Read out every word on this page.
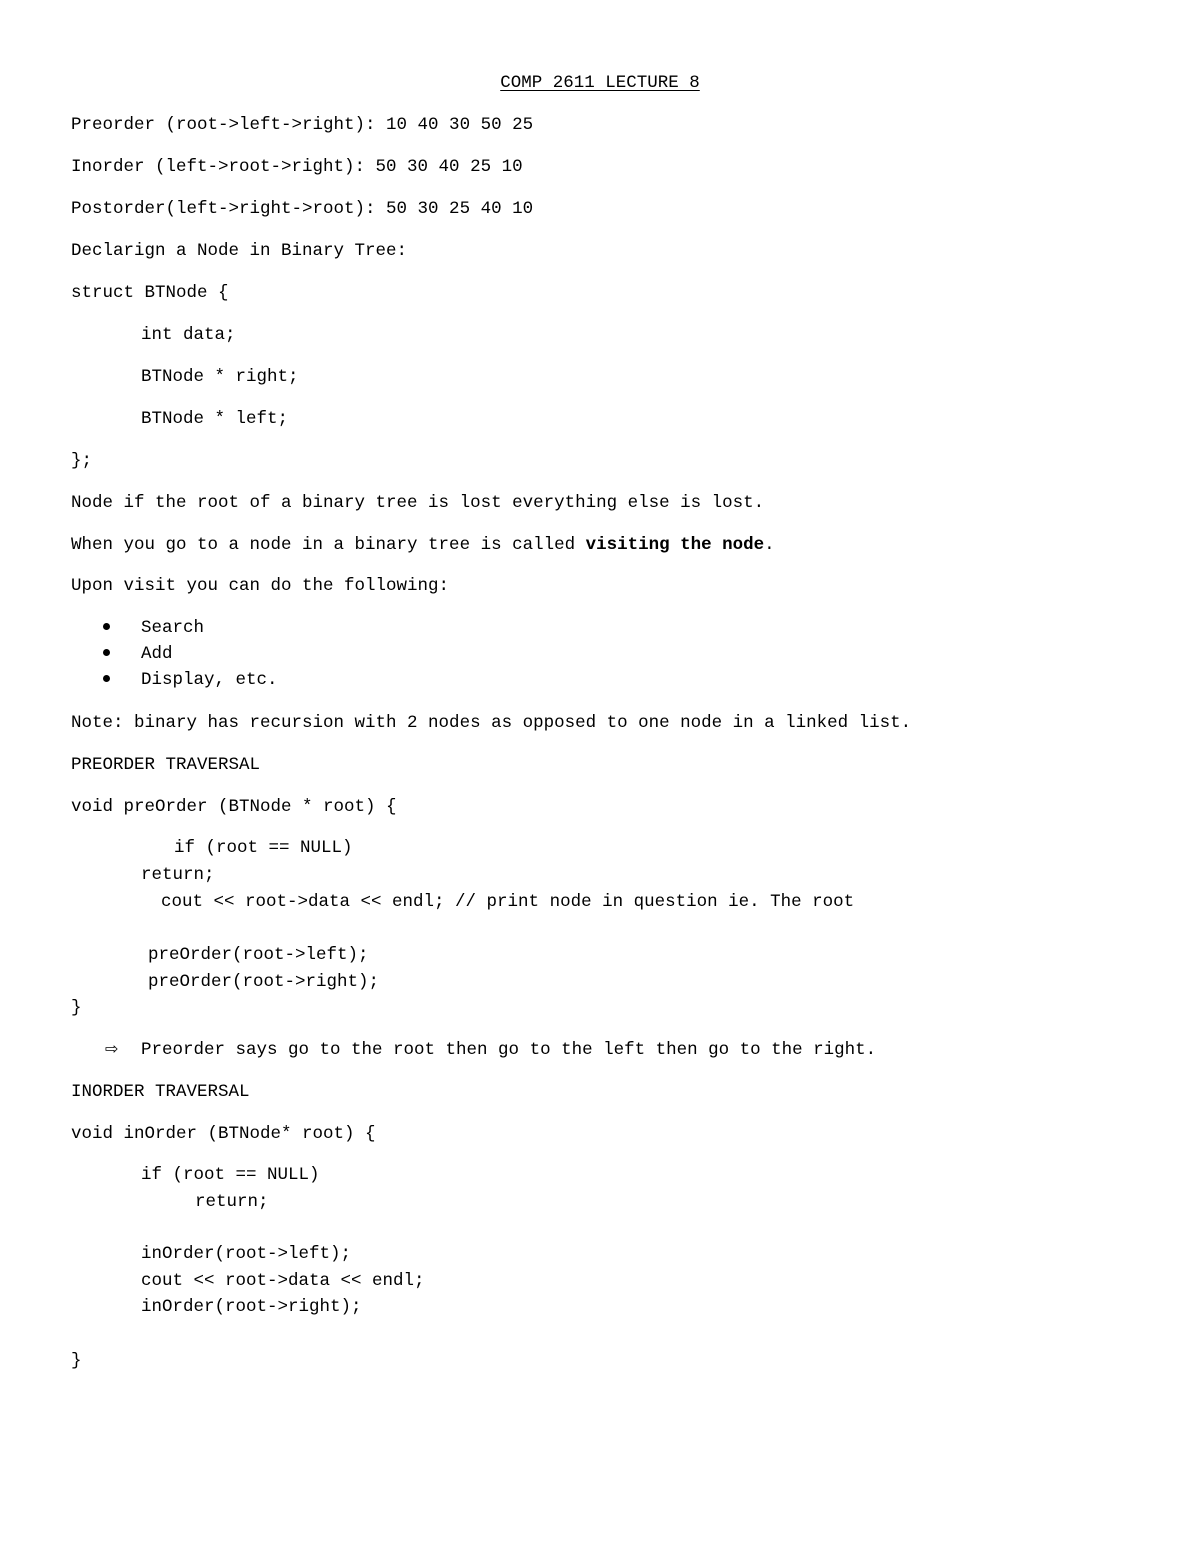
COMP 2611 LECTURE 8
Preorder (root->left->right): 10 40 30 50 25
Inorder (left->root->right): 50 30 40 25 10
Postorder(left->right->root): 50 30 25 40 10
Declarign a Node in Binary Tree:
struct BTNode {
int data;
BTNode * right;
BTNode * left;
};
Node if the root of a binary tree is lost everything else is lost.
When you go to a node in a binary tree is called visiting the node.
Upon visit you can do the following:
Search
Add
Display, etc.
Note: binary has recursion with 2 nodes as opposed to one node in a linked list.
PREORDER TRAVERSAL
void preOrder (BTNode * root) {
if (root == NULL)
return;
cout << root->data << endl; // print node in question ie. The root
preOrder(root->left);
preOrder(root->right);
}
⇨ Preorder says go to the root then go to the left then go to the right.
INORDER TRAVERSAL
void inOrder (BTNode* root) {
if (root == NULL)
return;
inOrder(root->left);
cout << root->data << endl;
inOrder(root->right);
}
